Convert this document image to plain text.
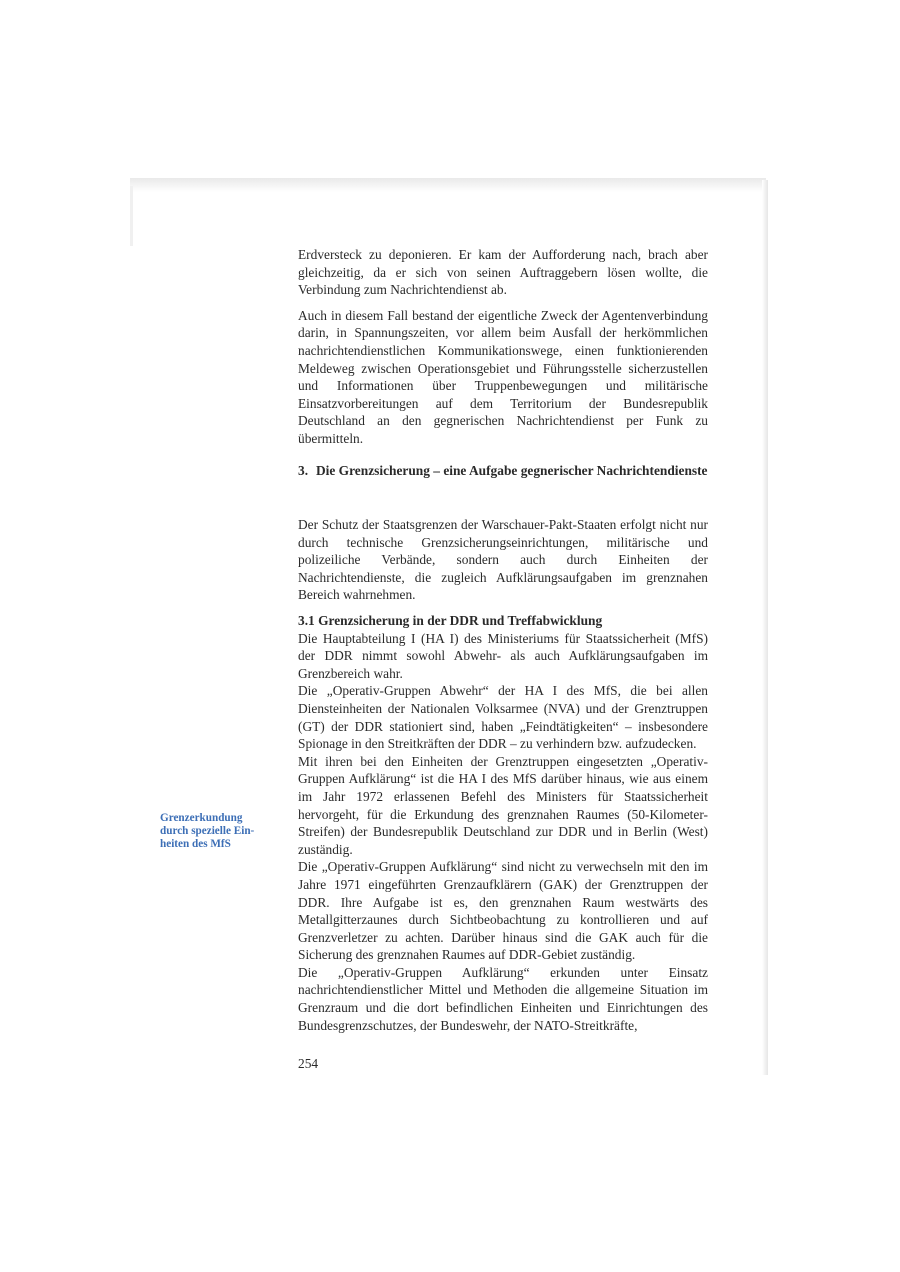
Erdversteck zu deponieren. Er kam der Aufforderung nach, brach aber gleichzeitig, da er sich von seinen Auftraggebern lösen wollte, die Verbindung zum Nachrichtendienst ab.

Auch in diesem Fall bestand der eigentliche Zweck der Agentenverbindung darin, in Spannungszeiten, vor allem beim Ausfall der herkömmlichen nachrichtendienstlichen Kommunikationswege, einen funktionierenden Meldeweg zwischen Operationsgebiet und Führungsstelle sicherzustellen und Informationen über Truppenbewegungen und militärische Einsatzvorbereitungen auf dem Territorium der Bundesrepublik Deutschland an den gegnerischen Nachrichtendienst per Funk zu übermitteln.

3. Die Grenzsicherung – eine Aufgabe gegnerischer Nachrichtendienste

Der Schutz der Staatsgrenzen der Warschauer-Pakt-Staaten erfolgt nicht nur durch technische Grenzsicherungseinrichtungen, militärische und polizeiliche Verbände, sondern auch durch Einheiten der Nachrichtendienste, die zugleich Aufklärungsaufgaben im grenznahen Bereich wahrnehmen.

3.1 Grenzsicherung in der DDR und Treffabwicklung

Die Hauptabteilung I (HA I) des Ministeriums für Staatssicherheit (MfS) der DDR nimmt sowohl Abwehr- als auch Aufklärungsaufgaben im Grenzbereich wahr.

Die „Operativ-Gruppen Abwehr“ der HA I des MfS, die bei allen Diensteinheiten der Nationalen Volksarmee (NVA) und der Grenztruppen (GT) der DDR stationiert sind, haben „Feindtätigkeiten“ – insbesondere Spionage in den Streitkräften der DDR – zu verhindern bzw. aufzudecken.

Mit ihren bei den Einheiten der Grenztruppen eingesetzten „Operativ-Gruppen Aufklärung“ ist die HA I des MfS darüber hinaus, wie aus einem im Jahr 1972 erlassenen Befehl des Ministers für Staatssicherheit hervorgeht, für die Erkundung des grenznahen Raumes (50-Kilometer-Streifen) der Bundesrepublik Deutschland zur DDR und in Berlin (West) zuständig.

Die „Operativ-Gruppen Aufklärung“ sind nicht zu verwechseln mit den im Jahre 1971 eingeführten Grenzaufklärern (GAK) der Grenztruppen der DDR. Ihre Aufgabe ist es, den grenznahen Raum westwärts des Metallgitterzaunes durch Sichtbeobachtung zu kontrollieren und auf Grenzverletzer zu achten. Darüber hinaus sind die GAK auch für die Sicherung des grenznahen Raumes auf DDR-Gebiet zuständig.

Die „Operativ-Gruppen Aufklärung“ erkunden unter Einsatz nachrichtendienstlicher Mittel und Methoden die allgemeine Situation im Grenzraum und die dort befindlichen Einheiten und Einrichtungen des Bundesgrenzschutzes, der Bundeswehr, der NATO-Streitkräfte,

Grenzerkundung
durch spezielle Ein-
heiten des MfS
254
